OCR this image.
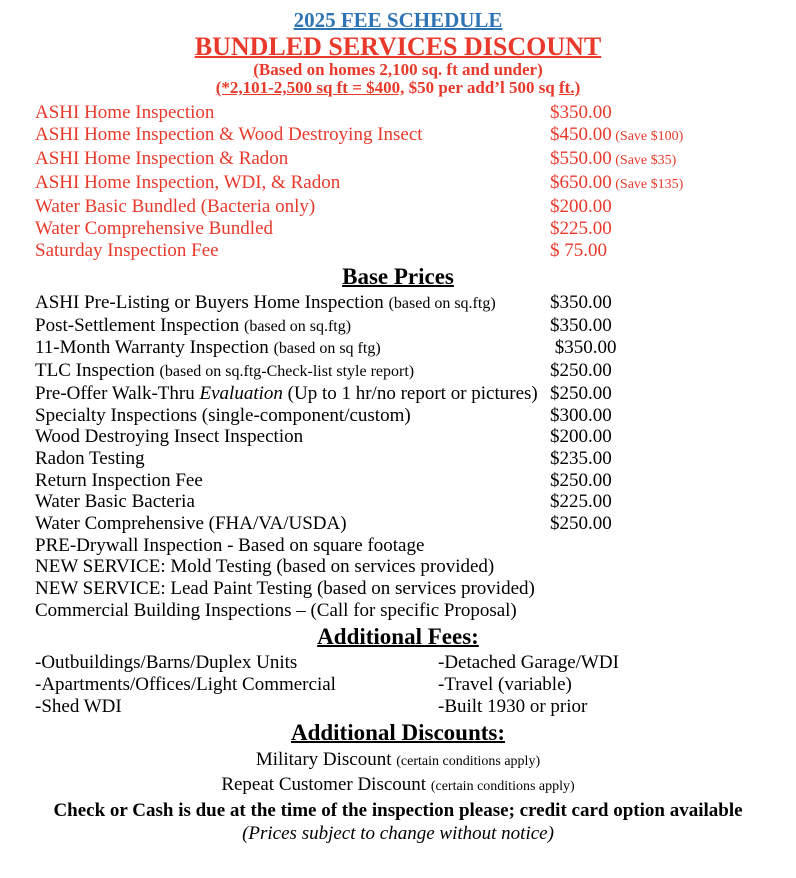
2025 FEE SCHEDULE
BUNDLED SERVICES DISCOUNT
(Based on homes 2,100 sq. ft and under)
(*2,101-2,500 sq ft = $400, $50 per add’l 500 sq ft.)
ASHI Home Inspection	$350.00
ASHI Home Inspection & Wood Destroying Insect	$450.00 (Save $100)
ASHI Home Inspection & Radon	$550.00 (Save $35)
ASHI Home Inspection, WDI, & Radon	$650.00 (Save $135)
Water Basic Bundled (Bacteria only)	$200.00
Water Comprehensive Bundled	$225.00
Saturday Inspection Fee	$ 75.00
Base Prices
ASHI Pre-Listing or Buyers Home Inspection (based on sq.ftg)	$350.00
Post-Settlement Inspection (based on sq.ftg)	$350.00
11-Month Warranty Inspection (based on sq ftg)	$350.00
TLC Inspection (based on sq.ftg-Check-list style report)	$250.00
Pre-Offer Walk-Thru Evaluation (Up to 1 hr/no report or pictures) $250.00
Specialty Inspections (single-component/custom)	$300.00
Wood Destroying Insect Inspection	$200.00
Radon Testing	$235.00
Return Inspection Fee	$250.00
Water Basic Bacteria	$225.00
Water Comprehensive (FHA/VA/USDA)	$250.00
PRE-Drywall Inspection - Based on square footage
NEW SERVICE: Mold Testing (based on services provided)
NEW SERVICE: Lead Paint Testing (based on services provided)
Commercial Building Inspections – (Call for specific Proposal)
Additional Fees:
-Outbuildings/Barns/Duplex Units	-Detached Garage/WDI
-Apartments/Offices/Light Commercial	-Travel (variable)
-Shed WDI	-Built 1930 or prior
Additional Discounts:
Military Discount (certain conditions apply)
Repeat Customer Discount (certain conditions apply)
Check or Cash is due at the time of the inspection please; credit card option available
(Prices subject to change without notice)
